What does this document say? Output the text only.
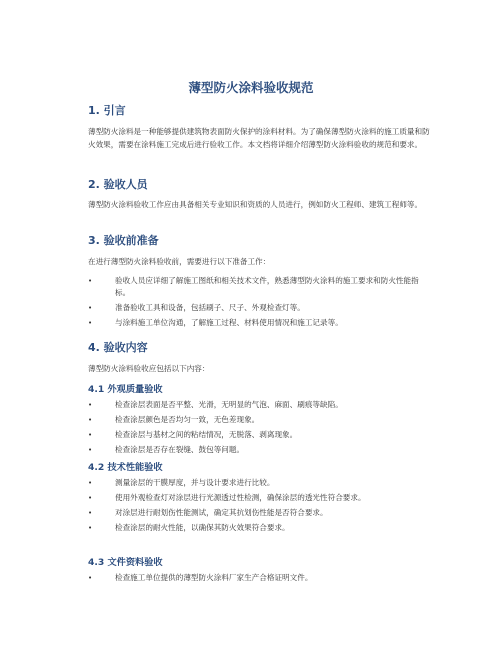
薄型防火涂料验收规范
1. 引言

薄型防火涂料是一种能够提供建筑物表面防火保护的涂料材料。为了确保薄型防火涂料的施工质量和防火效果，需要在涂料施工完成后进行验收工作。本文档将详细介绍薄型防火涂料验收的规范和要求。

2. 验收人员

薄型防火涂料验收工作应由具备相关专业知识和资质的人员进行，例如防火工程师、建筑工程师等。

3. 验收前准备

在进行薄型防火涂料验收前，需要进行以下准备工作：

•	验收人员应详细了解施工图纸和相关技术文件，熟悉薄型防火涂料的施工要求和防火性能指标。
•	准备验收工具和设备，包括刷子、尺子、外观检查灯等。
•	与涂料施工单位沟通，了解施工过程、材料使用情况和施工记录等。
4. 验收内容

薄型防火涂料验收应包括以下内容：

4.1 外观质量验收
•	检查涂层表面是否平整、光滑，无明显的气泡、麻面、刷痕等缺陷。
•	检查涂层颜色是否均匀一致，无色差现象。
•	检查涂层与基材之间的粘结情况，无脱落、剥离现象。
•	检查涂层是否存在裂缝、鼓包等问题。
4.2 技术性能验收
•	测量涂层的干膜厚度，并与设计要求进行比较。
•	使用外观检查灯对涂层进行光源透过性检测，确保涂层的透光性符合要求。
•	对涂层进行耐划伤性能测试，确定其抗划伤性能是否符合要求。
•	检查涂层的耐火性能，以确保其防火效果符合要求。
4.3 文件资料验收
•	检查施工单位提供的薄型防火涂料厂家生产合格证明文件。
